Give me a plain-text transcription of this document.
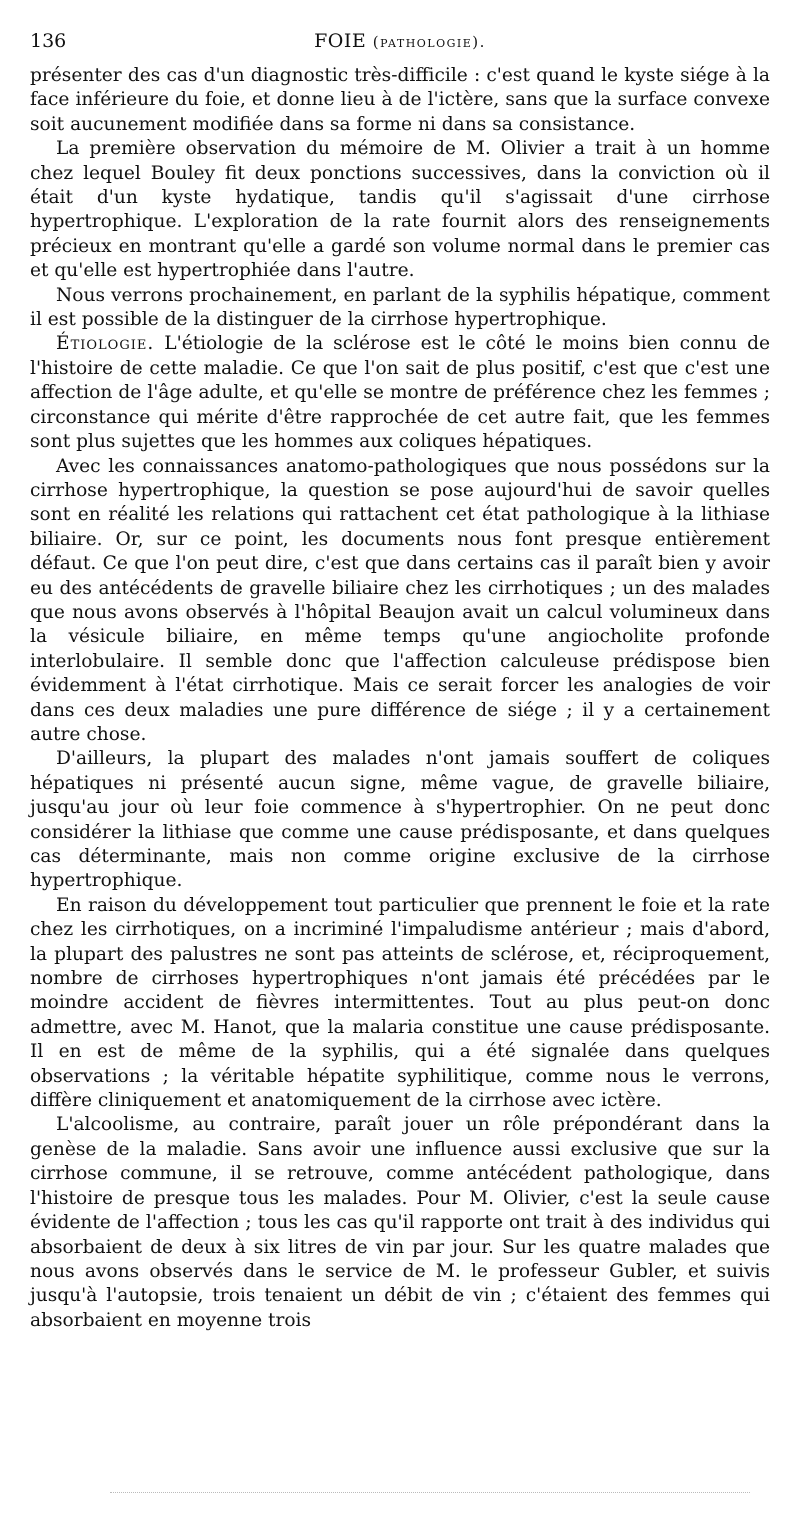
136	FOIE (pathologie).

présenter des cas d'un diagnostic très-difficile : c'est quand le kyste siége à la face inférieure du foie, et donne lieu à de l'ictère, sans que la surface convexe soit aucunement modifiée dans sa forme ni dans sa consistance.

La première observation du mémoire de M. Olivier a trait à un homme chez lequel Bouley fit deux ponctions successives, dans la conviction où il était d'un kyste hydatique, tandis qu'il s'agissait d'une cirrhose hypertrophique. L'exploration de la rate fournit alors des renseignements précieux en montrant qu'elle a gardé son volume normal dans le premier cas et qu'elle est hypertrophiée dans l'autre.

Nous verrons prochainement, en parlant de la syphilis hépatique, comment il est possible de la distinguer de la cirrhose hypertrophique.

Étiologie. L'étiologie de la sclérose est le côté le moins bien connu de l'histoire de cette maladie. Ce que l'on sait de plus positif, c'est que c'est une affection de l'âge adulte, et qu'elle se montre de préférence chez les femmes ; circonstance qui mérite d'être rapprochée de cet autre fait, que les femmes sont plus sujettes que les hommes aux coliques hépatiques.

Avec les connaissances anatomo-pathologiques que nous possédons sur la cirrhose hypertrophique, la question se pose aujourd'hui de savoir quelles sont en réalité les relations qui rattachent cet état pathologique à la lithiase biliaire. Or, sur ce point, les documents nous font presque entièrement défaut. Ce que l'on peut dire, c'est que dans certains cas il paraît bien y avoir eu des antécédents de gravelle biliaire chez les cirrhotiques ; un des malades que nous avons observés à l'hôpital Beaujon avait un calcul volumineux dans la vésicule biliaire, en même temps qu'une angiocholite profonde interlobulaire. Il semble donc que l'affection calculeuse prédispose bien évidemment à l'état cirrhotique. Mais ce serait forcer les analogies de voir dans ces deux maladies une pure différence de siége ; il y a certainement autre chose.

D'ailleurs, la plupart des malades n'ont jamais souffert de coliques hépatiques ni présenté aucun signe, même vague, de gravelle biliaire, jusqu'au jour où leur foie commence à s'hypertrophier. On ne peut donc considérer la lithiase que comme une cause prédisposante, et dans quelques cas déterminante, mais non comme origine exclusive de la cirrhose hypertrophique.

En raison du développement tout particulier que prennent le foie et la rate chez les cirrhotiques, on a incriminé l'impaludisme antérieur ; mais d'abord, la plupart des palustres ne sont pas atteints de sclérose, et, réciproquement, nombre de cirrhoses hypertrophiques n'ont jamais été précédées par le moindre accident de fièvres intermittentes. Tout au plus peut-on donc admettre, avec M. Hanot, que la malaria constitue une cause prédisposante. Il en est de même de la syphilis, qui a été signalée dans quelques observations ; la véritable hépatite syphilitique, comme nous le verrons, diffère cliniquement et anatomiquement de la cirrhose avec ictère.

L'alcoolisme, au contraire, paraît jouer un rôle prépondérant dans la genèse de la maladie. Sans avoir une influence aussi exclusive que sur la cirrhose commune, il se retrouve, comme antécédent pathologique, dans l'histoire de presque tous les malades. Pour M. Olivier, c'est la seule cause évidente de l'affection ; tous les cas qu'il rapporte ont trait à des individus qui absorbaient de deux à six litres de vin par jour. Sur les quatre malades que nous avons observés dans le service de M. le professeur Gubler, et suivis jusqu'à l'autopsie, trois tenaient un débit de vin ; c'étaient des femmes qui absorbaient en moyenne trois
